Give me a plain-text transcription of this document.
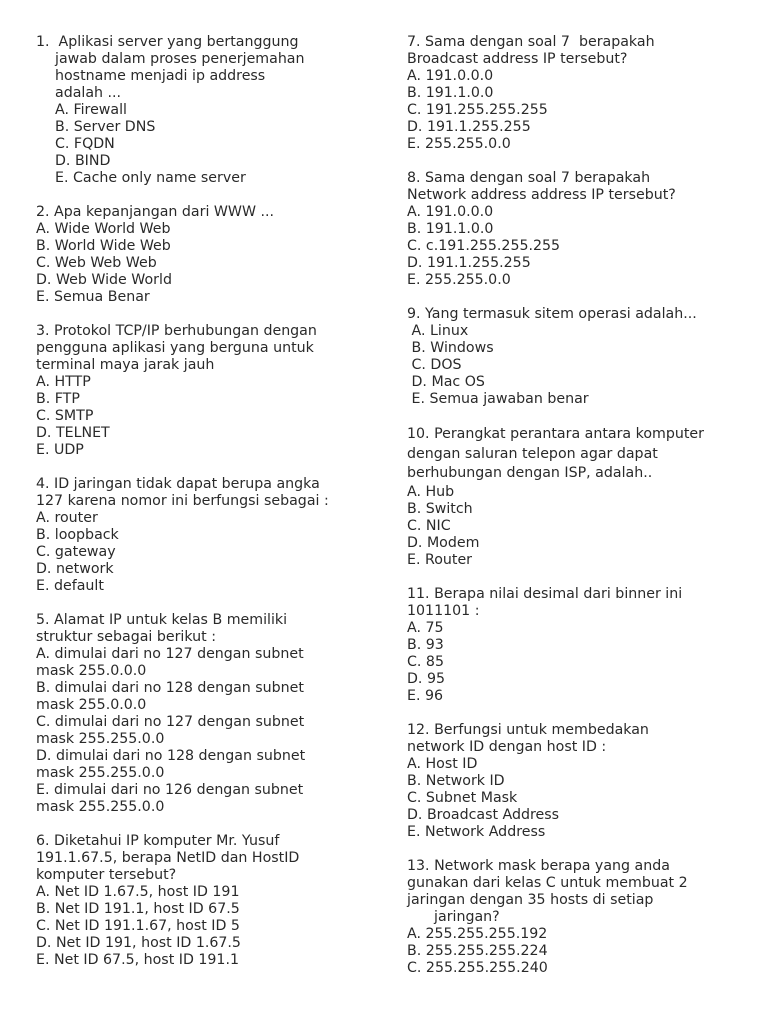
1.  Aplikasi server yang bertanggung
jawab dalam proses penerjemahan
hostname menjadi ip address
adalah ...
A. Firewall
B. Server DNS
C. FQDN
D. BIND
E. Cache only name server
2. Apa kepanjangan dari WWW ...
A. Wide World Web
B. World Wide Web
C. Web Web Web
D. Web Wide World
E. Semua Benar
3. Protokol TCP/IP berhubungan dengan
pengguna aplikasi yang berguna untuk
terminal maya jarak jauh
A. HTTP
B. FTP
C. SMTP
D. TELNET
E. UDP
4. ID jaringan tidak dapat berupa angka
127 karena nomor ini berfungsi sebagai :
A. router
B. loopback
C. gateway
D. network
E. default
5. Alamat IP untuk kelas B memiliki
struktur sebagai berikut :
A. dimulai dari no 127 dengan subnet
mask 255.0.0.0
B. dimulai dari no 128 dengan subnet
mask 255.0.0.0
C. dimulai dari no 127 dengan subnet
mask 255.255.0.0
D. dimulai dari no 128 dengan subnet
mask 255.255.0.0
E. dimulai dari no 126 dengan subnet
mask 255.255.0.0
6. Diketahui IP komputer Mr. Yusuf
191.1.67.5, berapa NetID dan HostID
komputer tersebut?
A. Net ID 1.67.5, host ID 191
B. Net ID 191.1, host ID 67.5
C. Net ID 191.1.67, host ID 5
D. Net ID 191, host ID 1.67.5
E. Net ID 67.5, host ID 191.1
7. Sama dengan soal 7  berapakah
Broadcast address IP tersebut?
A. 191.0.0.0
B. 191.1.0.0
C. 191.255.255.255
D. 191.1.255.255
E. 255.255.0.0
8. Sama dengan soal 7 berapakah
Network address address IP tersebut?
A. 191.0.0.0
B. 191.1.0.0
C. c.191.255.255.255
D. 191.1.255.255
E. 255.255.0.0
9. Yang termasuk sitem operasi adalah...
A. Linux
B. Windows
C. DOS
D. Mac OS
E. Semua jawaban benar
10. Perangkat perantara antara komputer
dengan saluran telepon agar dapat
berhubungan dengan ISP, adalah..
A. Hub
B. Switch
C. NIC
D. Modem
E. Router
11. Berapa nilai desimal dari binner ini
1011101 :
A. 75
B. 93
C. 85
D. 95
E. 96
12. Berfungsi untuk membedakan
network ID dengan host ID :
A. Host ID
B. Network ID
C. Subnet Mask
D. Broadcast Address
E. Network Address
13. Network mask berapa yang anda
gunakan dari kelas C untuk membuat 2
jaringan dengan 35 hosts di setiap
jaringan?
A. 255.255.255.192
B. 255.255.255.224
C. 255.255.255.240
